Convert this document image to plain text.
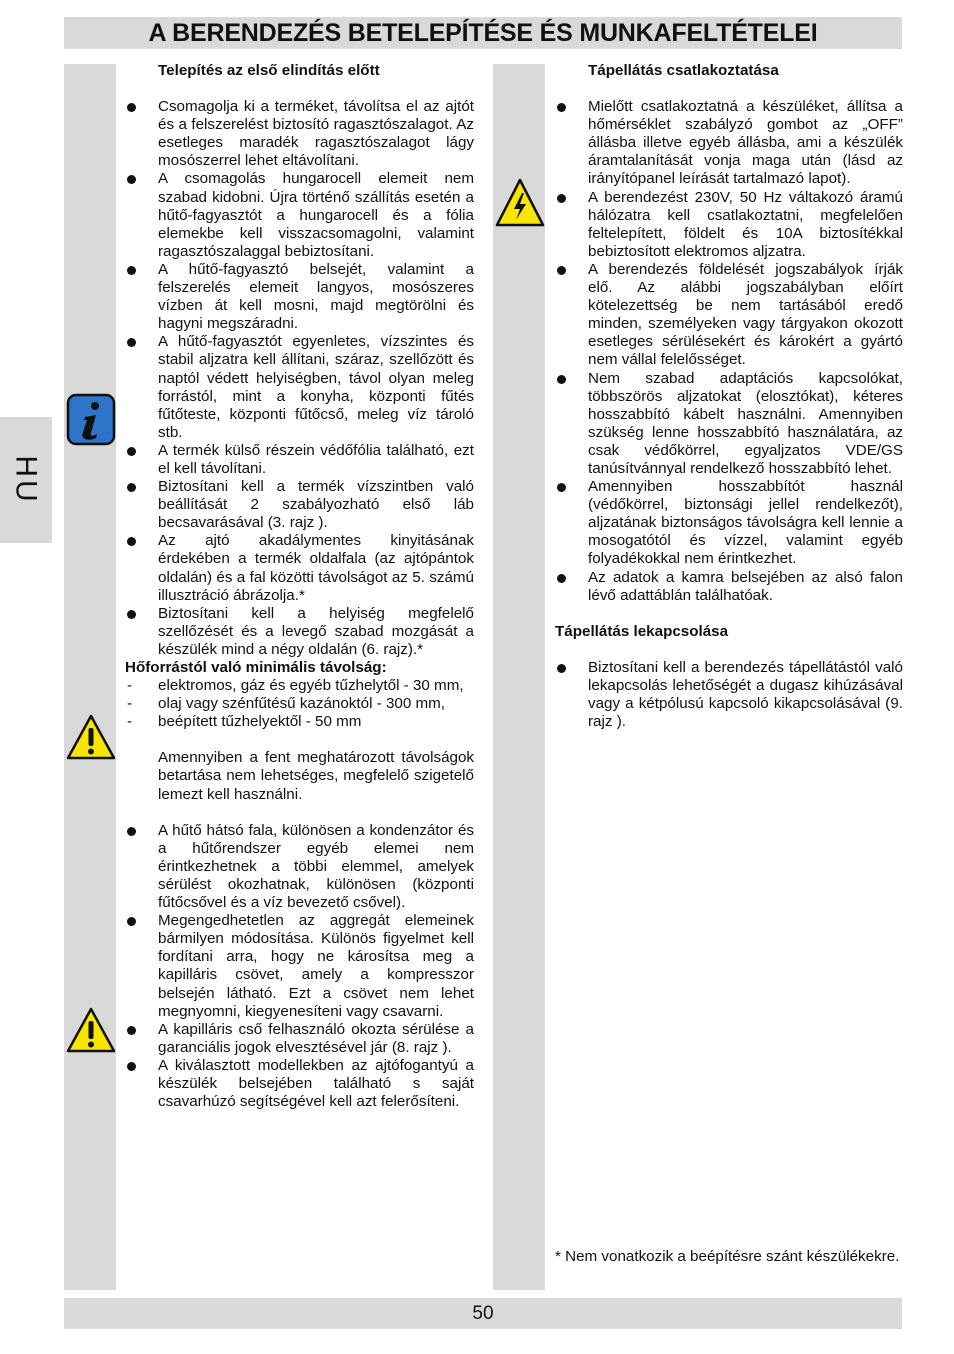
A BERENDEZÉS BETELEPÍTÉSE ÉS MUNKAFELTÉTELEI
HU

Telepítés az első elindítás előtt

Csomagolja ki a terméket, távolítsa el az ajtót és a felszerelést biztosító ragasztószalagot. Az esetleges maradék ragasztószalagot lágy mosószerrel lehet eltávolítani.

A csomagolás hungarocell elemeit nem szabad kidobni. Újra történő szállítás esetén a hűtő-fagyasztót a hungarocell és a fólia elemekbe kell visszacsomagolni, valamint ragasztószalaggal bebiztosítani.

A hűtő-fagyasztó belsejét, valamint a felszerelés elemeit langyos, mosószeres vízben át kell mosni, majd megtörölni és hagyni megszáradni.

A hűtő-fagyasztót egyenletes, vízszintes és stabil aljzatra kell állítani, száraz, szellőzött és naptól védett helyiségben, távol olyan meleg forrástól, mint a konyha, központi fűtés fűtőteste, központi fűtőcső, meleg víz tároló stb.

A termék külső részein védőfólia található, ezt el kell távolítani.

Biztosítani kell a termék vízszintben való beállítását 2 szabályozható első láb becsavarásával (3. rajz ).

Az ajtó akadálymentes kinyitásának érdekében a termék oldalfala (az ajtópántok oldalán) és a fal közötti távolságot az 5. számú illusztráció ábrázolja.*

Biztosítani kell a helyiség megfelelő szellőzését és a levegő szabad mozgását a készülék mind a négy oldalán (6. rajz).*

Hőforrástól való minimális távolság:

- elektromos, gáz és egyéb tűzhelytől - 30 mm,

- olaj vagy szénfűtésű kazánoktól - 300 mm,

- beépített tűzhelyektől - 50 mm

Amennyiben a fent meghatározott távolságok betartása nem lehetséges, megfelelő szigetelő lemezt kell használni.

A hűtő hátsó fala, különösen a kondenzátor és a hűtőrendszer egyéb elemei nem érintkezhetnek a többi elemmel, amelyek sérülést okozhatnak, különösen (központi fűtőcsővel és a víz bevezető csővel).

Megengedhetetlen az aggregát elemeinek bármilyen módosítása. Különös figyelmet kell fordítani arra, hogy ne károsítsa meg a kapilláris csövet, amely a kompresszor belsején látható. Ezt a csövet nem lehet megnyomni, kiegyenesíteni vagy csavarni.

A kapilláris cső felhasználó okozta sérülése a garanciális jogok elvesztésével jár (8. rajz ).

A kiválasztott modellekben az ajtófogantyú a készülék belsejében található s saját csavarhúzó segítségével kell azt felerősíteni.

Tápellátás csatlakoztatása

Mielőtt csatlakoztatná a készüléket, állítsa a hőmérséklet szabályzó gombot az „OFF” állásba illetve egyéb állásba, ami a készülék áramtalanítását vonja maga után (lásd az irányítópanel leírását tartalmazó lapot).

A berendezést 230V, 50 Hz váltakozó áramú hálózatra kell csatlakoztatni, megfelelően feltelepített, földelt és 10A biztosítékkal bebiztosított elektromos aljzatra.

A berendezés földelését jogszabályok írják elő. Az alábbi jogszabályban előírt kötelezettség be nem tartásából eredő minden, személyeken vagy tárgyakon okozott esetleges sérülésekért és károkért a gyártó nem vállal felelősséget.

Nem szabad adaptációs kapcsolókat, többszörös aljzatokat (elosztókat), kéteres hosszabbító kábelt használni. Amennyiben szükség lenne hosszabbító használatára, az csak védőkörrel, egyaljzatos VDE/GS tanúsítvánnyal rendelkező hosszabbító lehet.

Amennyiben hosszabbítót használ (védőkörrel, biztonsági jellel rendelkezőt), aljzatának biztonságos távolságra kell lennie a mosogatótól és vízzel, valamint egyéb folyadékokkal nem érintkezhet.

Az adatok a kamra belsejében az alsó falon lévő adattáblán találhatóak.

Tápellátás lekapcsolása

Biztosítani kell a berendezés tápellátástól való lekapcsolás lehetőségét a dugasz kihúzásával vagy a kétpólusú kapcsoló kikapcsolásával (9. rajz ).

* Nem vonatkozik a beépítésre szánt készülékekre.
50
